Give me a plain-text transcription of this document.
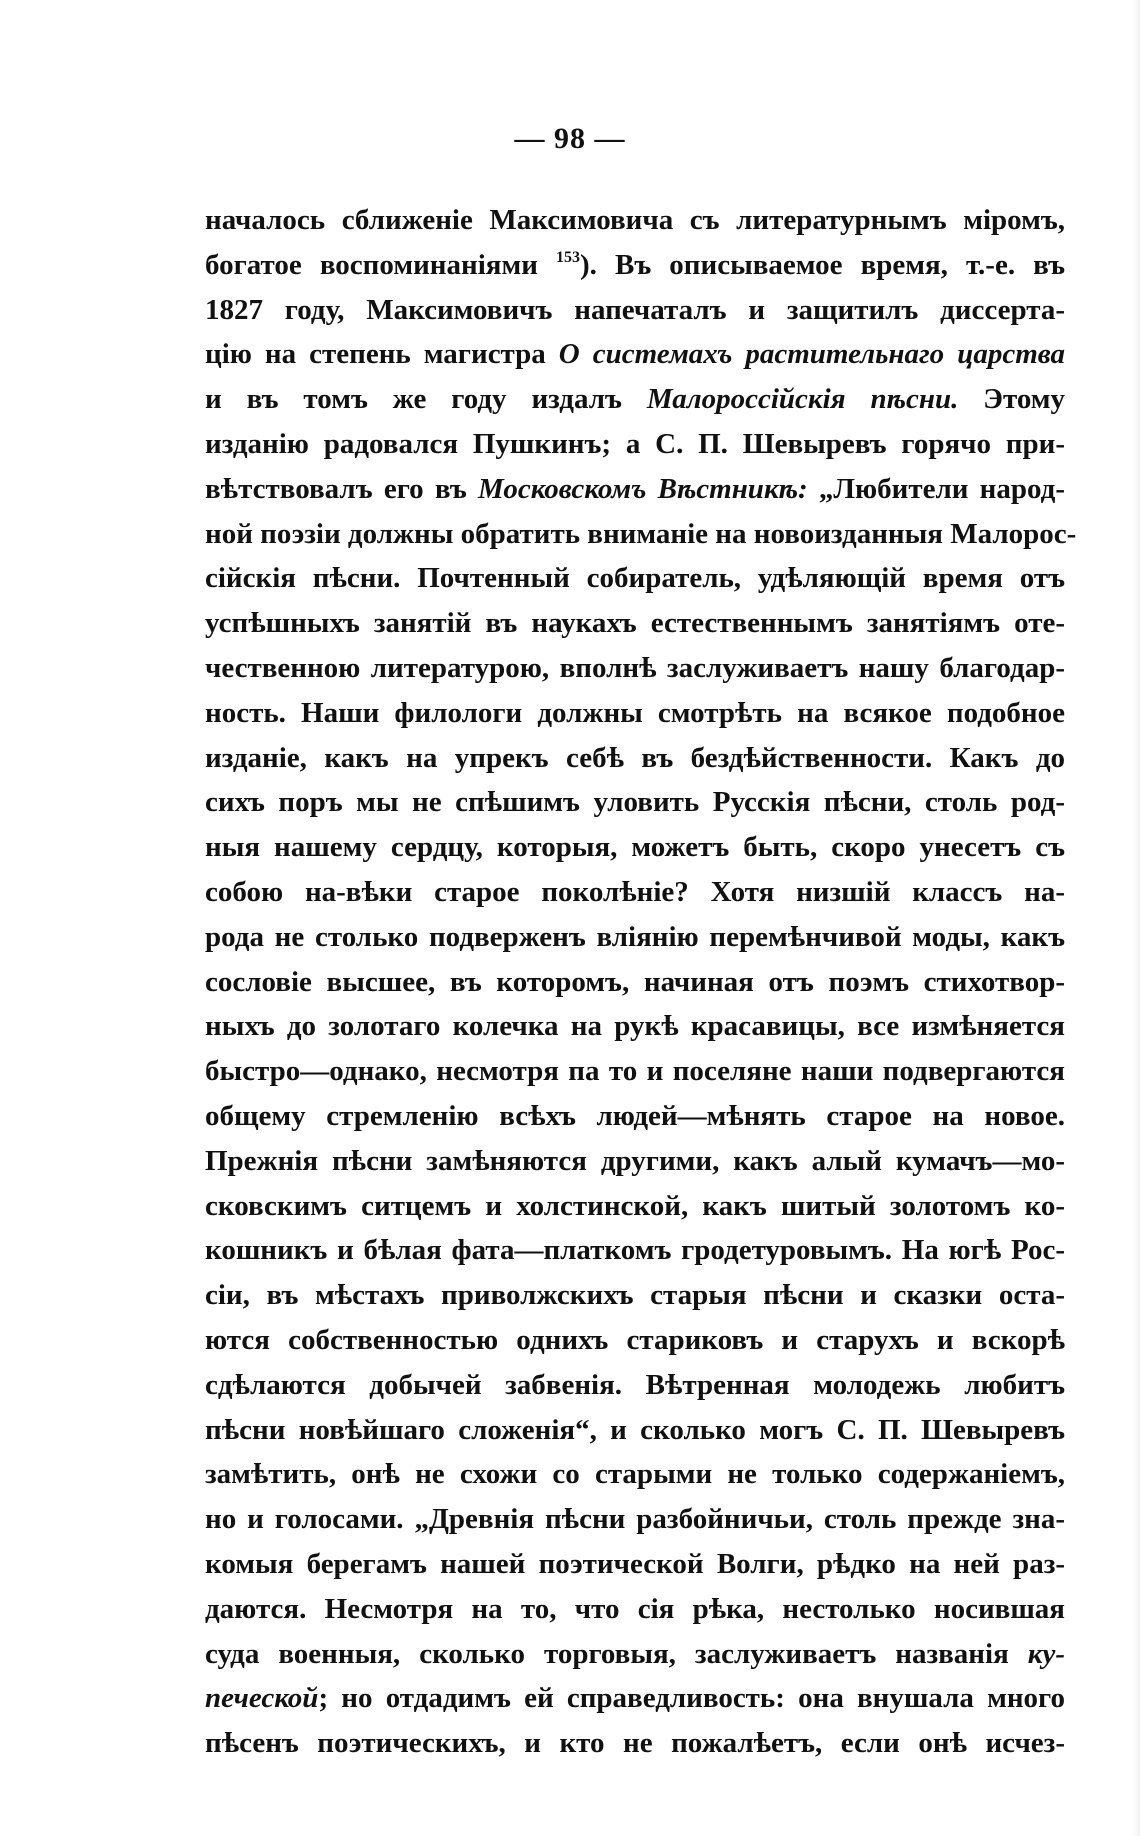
— 98 —
началось сближеніе Максимовича съ литературнымъ міромъ,
богатое воспоминаніями $^{153}$). Въ описываемое время, т.-е. въ
1827 году, Максимовичъ напечаталъ и защитилъ диссерта-
цію на степень магистра О системахъ растительнаго царства
и въ томъ же году издалъ Малороссійскія пѣсни. Этому
изданію радовался Пушкинъ; а С. П. Шевыревъ горячо при-
вѣтствовалъ его въ Московскомъ Вѣстникѣ: „Любители народ-
ной поэзіи должны обратить вниманіе на новоизданныя Малорос-
сійскія пѣсни. Почтенный собиратель, удѣляющій время отъ
успѣшныхъ занятій въ наукахъ естественнымъ занятіямъ оте-
чественною литературою, вполнѣ заслуживаетъ нашу благодар-
ность. Наши филологи должны смотрѣть на всякое подобное
изданіе, какъ на упрекъ себѣ въ бездѣйственности. Какъ до
сихъ поръ мы не спѣшимъ уловить Русскія пѣсни, столь род-
ныя нашему сердцу, которыя, можетъ быть, скоро унесетъ съ
собою на-вѣки старое поколѣніе? Хотя низшій классъ на-
рода не столько подверженъ вліянію перемѣнчивой моды, какъ
сословіе высшее, въ которомъ, начиная отъ поэмъ стихотвор-
ныхъ до золотаго колечка на рукѣ красавицы, все измѣняется
быстро—однако, несмотря па то и поселяне наши подвергаются
общему стремленію всѣхъ людей—мѣнять старое на новое.
Прежнія пѣсни замѣняются другими, какъ алый кумачъ—мо-
сковскимъ ситцемъ и холстинской, какъ шитый золотомъ ко-
кошникъ и бѣлая фата—платкомъ гродетуровымъ. На югѣ Рос-
сіи, въ мѣстахъ приволжскихъ старыя пѣсни и сказки оста-
ются собственностью однихъ стариковъ и старухъ и вскорѣ
сдѣлаются добычей забвенія. Вѣтренная молодежь любитъ
пѣсни новѣйшаго сложенія“, и сколько могъ С. П. Шевыревъ
замѣтить, онѣ не схожи со старыми не только содержаніемъ,
но и голосами. „Древнія пѣсни разбойничьи, столь прежде зна-
комыя берегамъ нашей поэтической Волги, рѣдко на ней раз-
даются. Несмотря на то, что сія рѣка, нестолько носившая
суда военныя, сколько торговыя, заслуживаетъ названія ку-
печеской; но отдадимъ ей справедливость: она внушала много
пѣсенъ поэтическихъ, и кто не пожалѣетъ, если онѣ исчез-
